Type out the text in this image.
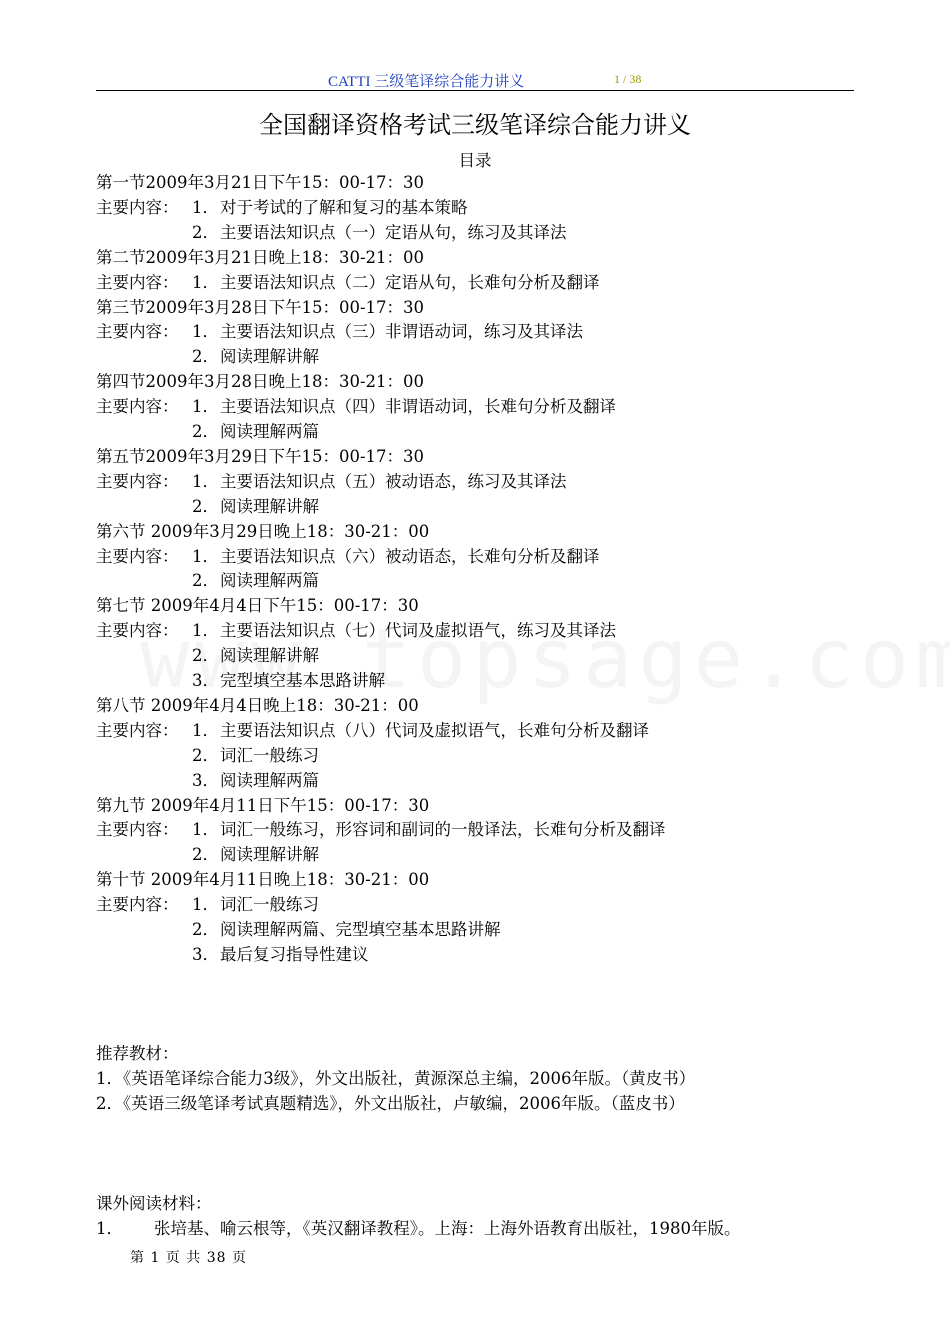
CATTI 三级笔译综合能力讲义	1 / 38
全国翻译资格考试三级笔译综合能力讲义
目录
第一节2009年3月21日下午15：00-17：30
主要内容： 1． 对于考试的了解和复习的基本策略
2． 主要语法知识点（一）定语从句，练习及其译法
第二节2009年3月21日晚上18：30-21：00
主要内容： 1． 主要语法知识点（二）定语从句，长难句分析及翻译
第三节2009年3月28日下午15：00-17：30
主要内容： 1． 主要语法知识点（三）非谓语动词，练习及其译法
2． 阅读理解讲解
第四节2009年3月28日晚上18：30-21：00
主要内容： 1． 主要语法知识点（四）非谓语动词，长难句分析及翻译
2． 阅读理解两篇
第五节2009年3月29日下午15：00-17：30
主要内容： 1． 主要语法知识点（五）被动语态，练习及其译法
2． 阅读理解讲解
第六节 2009年3月29日晚上18：30-21：00
主要内容： 1． 主要语法知识点（六）被动语态，长难句分析及翻译
2． 阅读理解两篇
第七节 2009年4月4日下午15：00-17：30
主要内容： 1． 主要语法知识点（七）代词及虚拟语气，练习及其译法
2． 阅读理解讲解
3． 完型填空基本思路讲解
第八节 2009年4月4日晚上18：30-21：00
主要内容： 1． 主要语法知识点（八）代词及虚拟语气，长难句分析及翻译
2． 词汇一般练习
3． 阅读理解两篇
第九节 2009年4月11日下午15：00-17：30
主要内容： 1． 词汇一般练习，形容词和副词的一般译法，长难句分析及翻译
2． 阅读理解讲解
第十节 2009年4月11日晚上18：30-21：00
主要内容： 1． 词汇一般练习
2． 阅读理解两篇、完型填空基本思路讲解
3． 最后复习指导性建议
推荐教材：
1．《英语笔译综合能力3级》，外文出版社，黄源深总主编，2006年版。（黄皮书）
2．《英语三级笔译考试真题精选》，外文出版社，卢敏编，2006年版。（蓝皮书）
课外阅读材料：
1． 张培基、喻云根等，《英汉翻译教程》。上海：上海外语教育出版社，1980年版。
第 1 页 共 38 页
